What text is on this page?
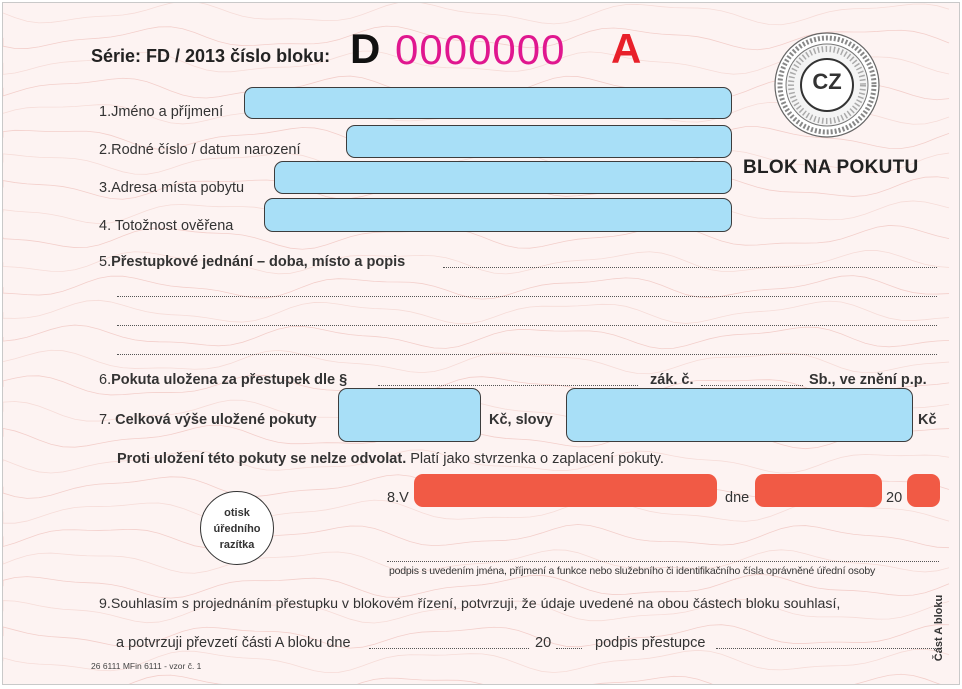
Série: FD / 2013 číslo bloku: D 0000000 A
CZ
BLOK NA POKUTU
1.Jméno a příjmení
2.Rodné číslo / datum narození
3.Adresa místa pobytu
4. Totožnost ověřena
5.Přestupkové jednání – doba, místo a popis
6.Pokuta uložena za přestupek dle §	zák. č.	Sb., ve znění p.p.
7. Celková výše uložené pokuty	Kč, slovy	Kč
Proti uložení této pokuty se nelze odvolat. Platí jako stvrzenka o zaplacení pokuty.
otisk
úředního
razítka
8.V	dne	20
podpis s uvedením jména, příjmení a funkce nebo služebního či identifikačního čísla oprávněné úřední osoby
9.Souhlasím s projednáním přestupku v blokovém řízení, potvrzuji, že údaje uvedené na obou částech bloku souhlasí,
a potvrzuji převzetí části A bloku dne	20	podpis přestupce
26 6111 MFin 6111 - vzor č. 1
Část A bloku
